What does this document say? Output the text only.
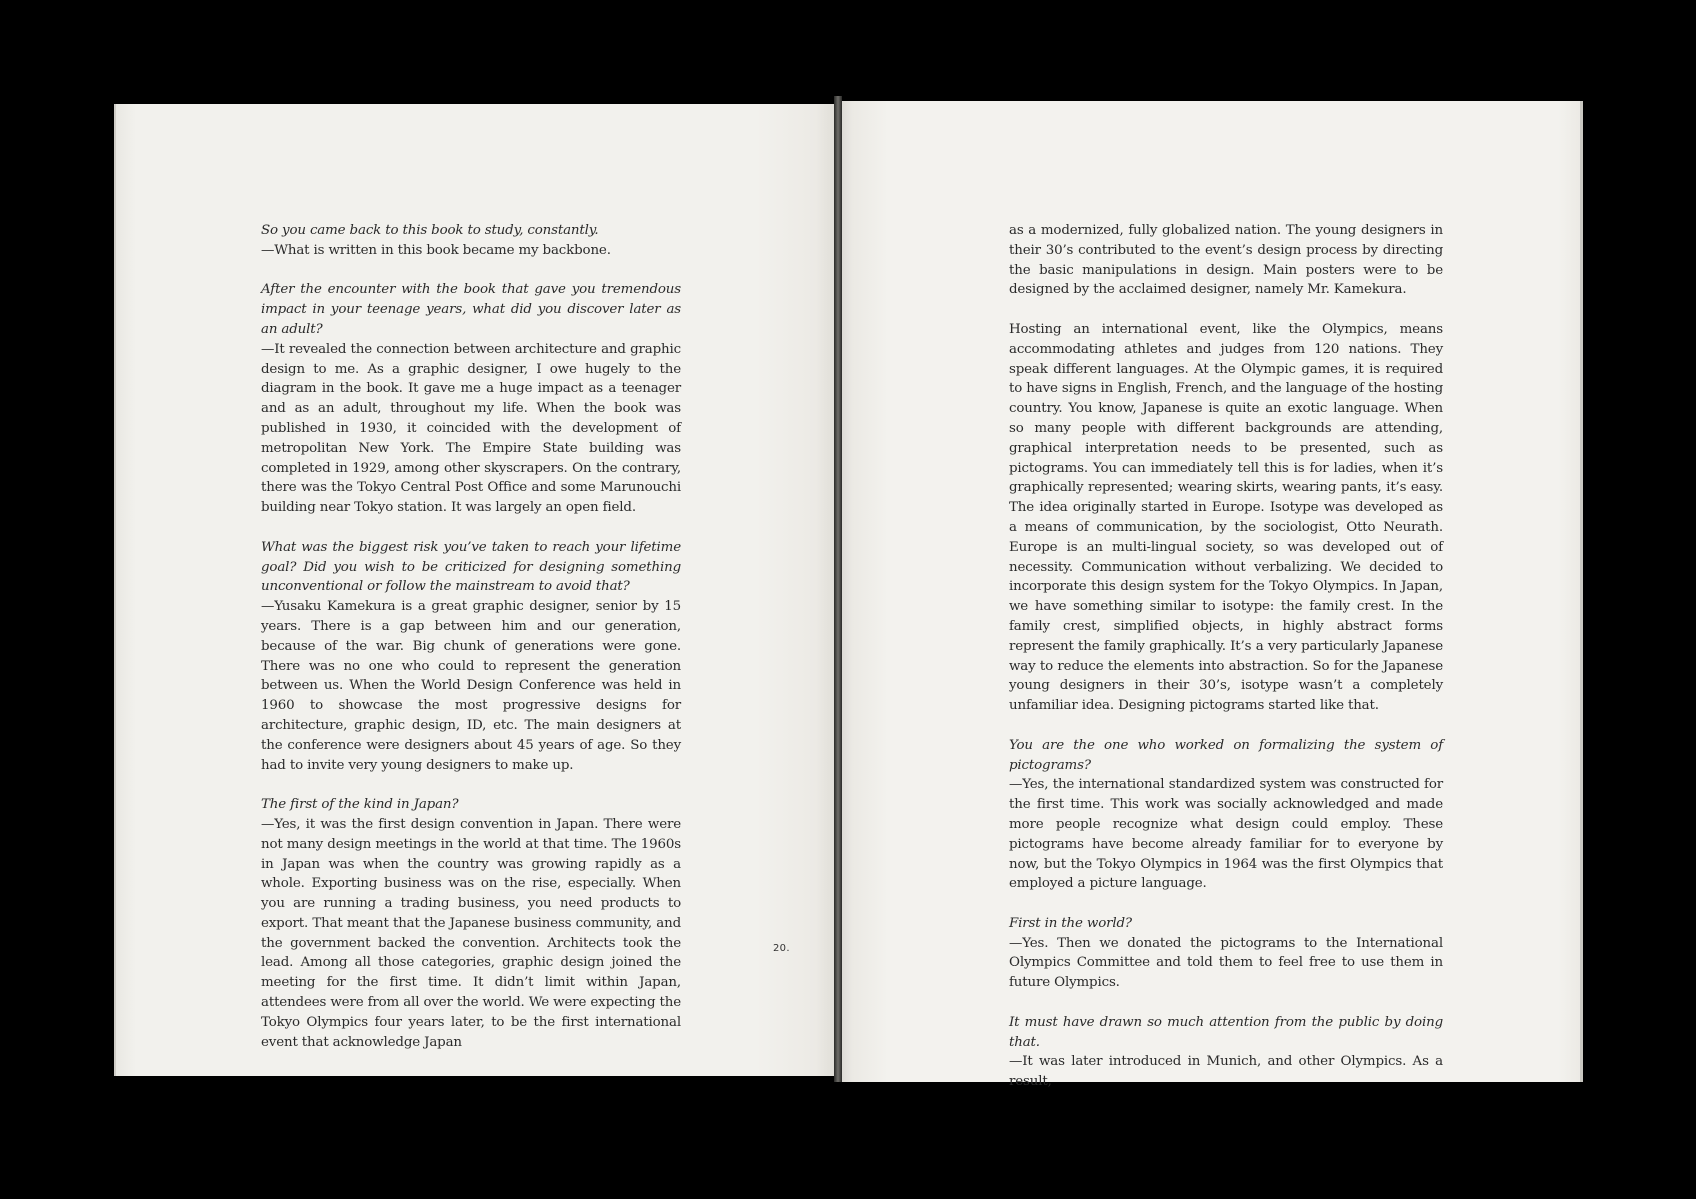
So you came back to this book to study, constantly.

—What is written in this book became my backbone.

After the encounter with the book that gave you tremendous impact in your teenage years, what did you discover later as an adult?

—It revealed the connection between architecture and graphic design to me. As a graphic designer, I owe hugely to the diagram in the book. It gave me a huge impact as a teenager and as an adult, throughout my life. When the book was published in 1930, it coincided with the development of metropolitan New York. The Empire State building was completed in 1929, among other skyscrapers. On the contrary, there was the Tokyo Central Post Office and some Marunouchi building near Tokyo station. It was largely an open field.

What was the biggest risk you’ve taken to reach your lifetime goal? Did you wish to be criticized for designing something unconventional or follow the mainstream to avoid that?

—Yusaku Kamekura is a great graphic designer, senior by 15 years. There is a gap between him and our generation, because of the war. Big chunk of generations were gone. There was no one who could to represent the generation between us. When the World Design Conference was held in 1960 to showcase the most progressive designs for architecture, graphic design, ID, etc. The main designers at the conference were designers about 45 years of age. So they had to invite very young designers to make up.

The first of the kind in Japan?

—Yes, it was the first design convention in Japan. There were not many design meetings in the world at that time. The 1960s in Japan was when the country was growing rapidly as a whole. Exporting business was on the rise, especially. When you are running a trading business, you need products to export. That meant that the Japanese business community, and the government backed the convention. Architects took the lead. Among all those categories, graphic design joined the meeting for the first time. It didn’t limit within Japan, attendees were from all over the world. We were expecting the Tokyo Olympics four years later, to be the first international event that acknowledge Japan

20.

as a modernized, fully globalized nation. The young designers in their 30’s contributed to the event’s design process by directing the basic manipulations in design. Main posters were to be designed by the acclaimed designer, namely Mr. Kamekura.

Hosting an international event, like the Olympics, means accommodating athletes and judges from 120 nations. They speak different languages. At the Olympic games, it is required to have signs in English, French, and the language of the hosting country. You know, Japanese is quite an exotic language. When so many people with different backgrounds are attending, graphical interpretation needs to be presented, such as pictograms. You can immediately tell this is for ladies, when it’s graphically represented; wearing skirts, wearing pants, it’s easy. The idea originally started in Europe. Isotype was developed as a means of communication, by the sociologist, Otto Neurath. Europe is an multi-lingual society, so was developed out of necessity. Communication without verbalizing. We decided to incorporate this design system for the Tokyo Olympics. In Japan, we have something similar to isotype: the family crest. In the family crest, simplified objects, in highly abstract forms represent the family graphically. It’s a very particularly Japanese way to reduce the elements into abstraction. So for the Japanese young designers in their 30’s, isotype wasn’t a completely unfamiliar idea. Designing pictograms started like that.

You are the one who worked on formalizing the system of pictograms?

—Yes, the international standardized system was constructed for the first time. This work was socially acknowledged and made more people recognize what design could employ. These pictograms have become already familiar for to everyone by now, but the Tokyo Olympics in 1964 was the first Olympics that employed a picture language.

First in the world?

—Yes. Then we donated the pictograms to the International Olympics Committee and told them to feel free to use them in future Olympics.

It must have drawn so much attention from the public by doing that.

—It was later introduced in Munich, and other Olympics. As a result,
